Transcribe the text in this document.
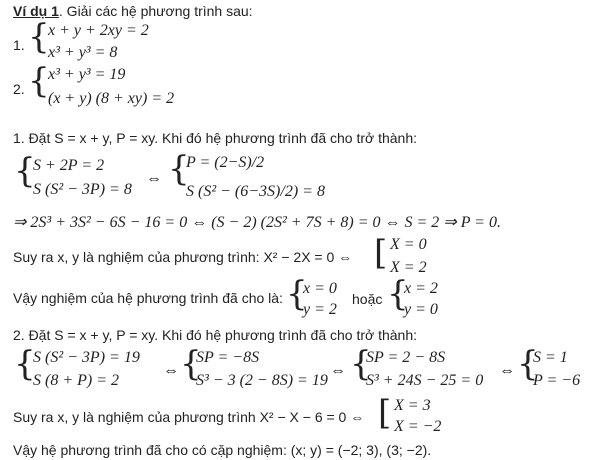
Ví dụ 1. Giải các hệ phương trình sau:
1. {
x + y + 2xy = 2
x³ + y³ = 8
2. {
x³ + y³ = 19
(x + y) (8 + xy) = 2
1. Đặt S = x + y, P = xy. Khi đó hệ phương trình đã cho trở thành:
{
S + 2P = 2
S (S² − 3P) = 8
⇔ {
P = (2−S)/2
S (S² − (6−3S)/2) = 8
⇒ 2S³ + 3S² − 6S − 16 = 0 ⇔ (S − 2) (2S² + 7S + 8) = 0 ⇔ S = 2 ⇒ P = 0.
Suy ra x, y là nghiệm của phương trình: X² − 2X = 0 ⇔ [ X = 0
X = 2
Vậy nghiệm của hệ phương trình đã cho là: {
x = 0
y = 2
hoặc {
x = 2
y = 0
2. Đặt S = x + y, P = xy. Khi đó hệ phương trình đã cho trở thành:
{
S (S² − 3P) = 19
S (8 + P) = 2
⇔ {
SP = −8S
S³ − 3 (2 − 8S) = 19
⇔ {
SP = 2 − 8S
S³ + 24S − 25 = 0
⇔ {
S = 1
P = −6
Suy ra x, y là nghiệm của phương trình X² − X − 6 = 0 ⇔ [ X = 3
X = −2
Vậy hệ phương trình đã cho có cặp nghiệm: (x; y) = (−2; 3), (3; −2).
